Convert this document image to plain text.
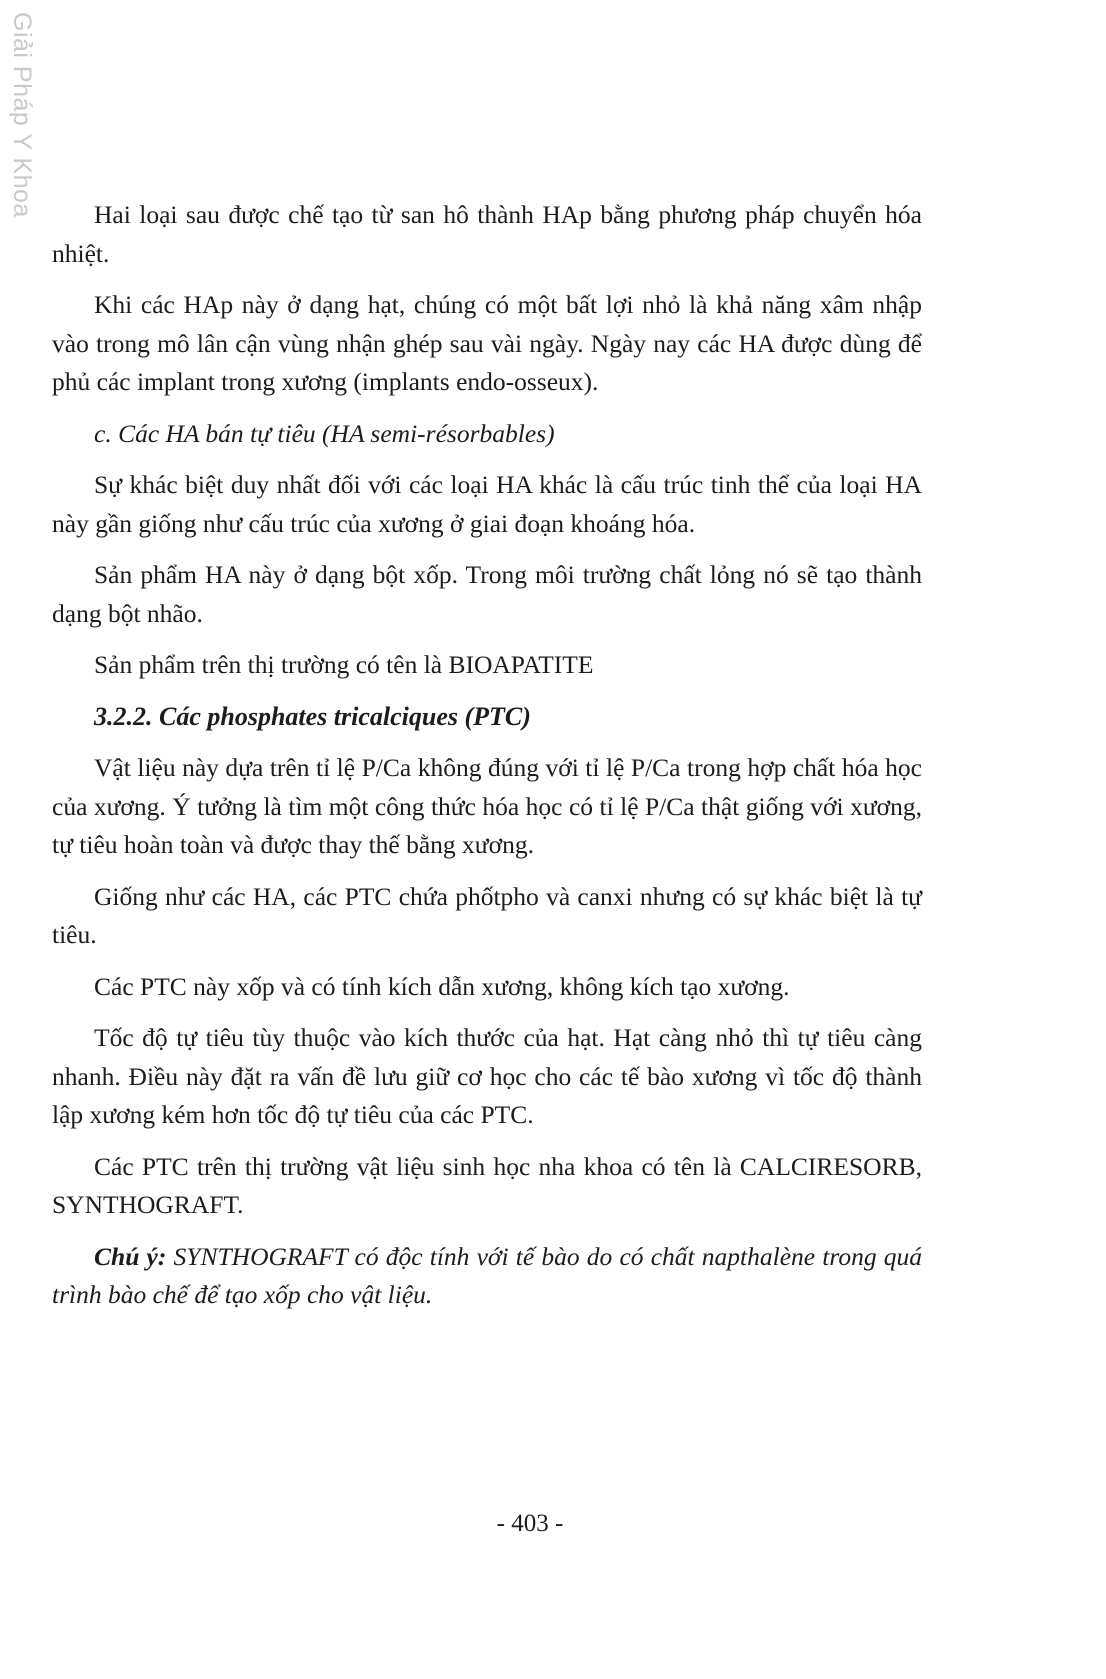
Giải Pháp Y Khoa	Hai loại sau được chế tạo từ san hô thành HAp bằng phương pháp chuyển hóa nhiệt.

Khi các HAp này ở dạng hạt, chúng có một bất lợi nhỏ là khả năng xâm nhập vào trong mô lân cận vùng nhận ghép sau vài ngày. Ngày nay các HA được dùng để phủ các implant trong xương (implants endo-osseux).

c. Các HA bán tự tiêu (HA semi-résorbables)

Sự khác biệt duy nhất đối với các loại HA khác là cấu trúc tinh thể của loại HA này gần giống như cấu trúc của xương ở giai đoạn khoáng hóa.

Sản phẩm HA này ở dạng bột xốp. Trong môi trường chất lỏng nó sẽ tạo thành dạng bột nhão.

Sản phẩm trên thị trường có tên là BIOAPATITE

3.2.2. Các phosphates tricalciques (PTC)

Vật liệu này dựa trên tỉ lệ P/Ca không đúng với tỉ lệ P/Ca trong hợp chất hóa học của xương. Ý tưởng là tìm một công thức hóa học có tỉ lệ P/Ca thật giống với xương, tự tiêu hoàn toàn và được thay thế bằng xương.

Giống như các HA, các PTC chứa phốtpho và canxi nhưng có sự khác biệt là tự tiêu.

Các PTC này xốp và có tính kích dẫn xương, không kích tạo xương.

Tốc độ tự tiêu tùy thuộc vào kích thước của hạt. Hạt càng nhỏ thì tự tiêu càng nhanh. Điều này đặt ra vấn đề lưu giữ cơ học cho các tế bào xương vì tốc độ thành lập xương kém hơn tốc độ tự tiêu của các PTC.

Các PTC trên thị trường vật liệu sinh học nha khoa có tên là CALCIRESORB, SYNTHOGRAFT.

Chú ý: SYNTHOGRAFT có độc tính với tế bào do có chất napthalène trong quá trình bào chế để tạo xốp cho vật liệu.

- 403 -
